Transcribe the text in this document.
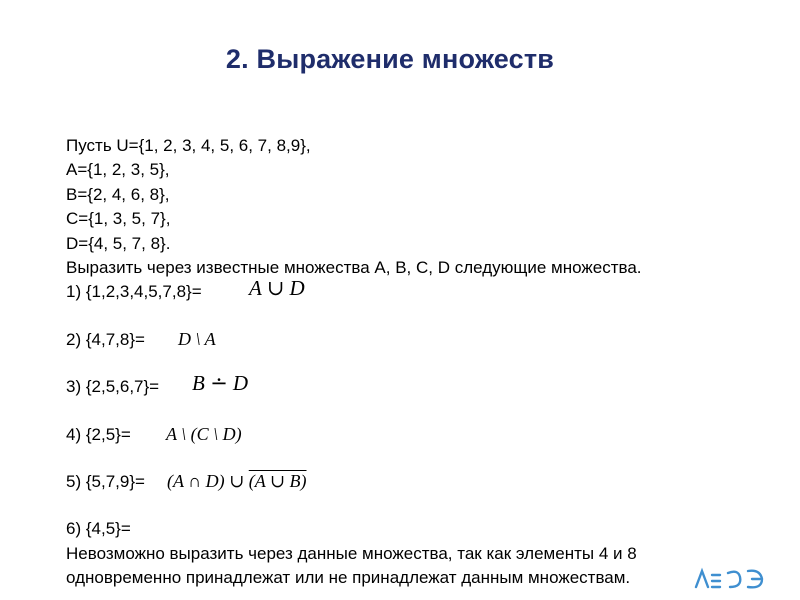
2. Выражение множеств
Пусть U={1, 2, 3, 4, 5, 6, 7, 8,9},
A={1, 2, 3, 5},
B={2, 4, 6, 8},
C={1, 3, 5, 7},
D={4, 5, 7, 8}.
Выразить через известные множества A, B, C, D следующие множества.
1) {1,2,3,4,5,7,8}= A ∪ D
2) {4,7,8}= D \ A
3) {2,5,6,7}= B ∸ D
4) {2,5}= A \ (C \ D)
5) {5,7,9}= (A ∩ D) ∪ (A ∪ B)
6) {4,5}=
Невозможно выразить через данные множества, так как элементы 4 и 8
одновременно принадлежат или не принадлежат данным множествам.
